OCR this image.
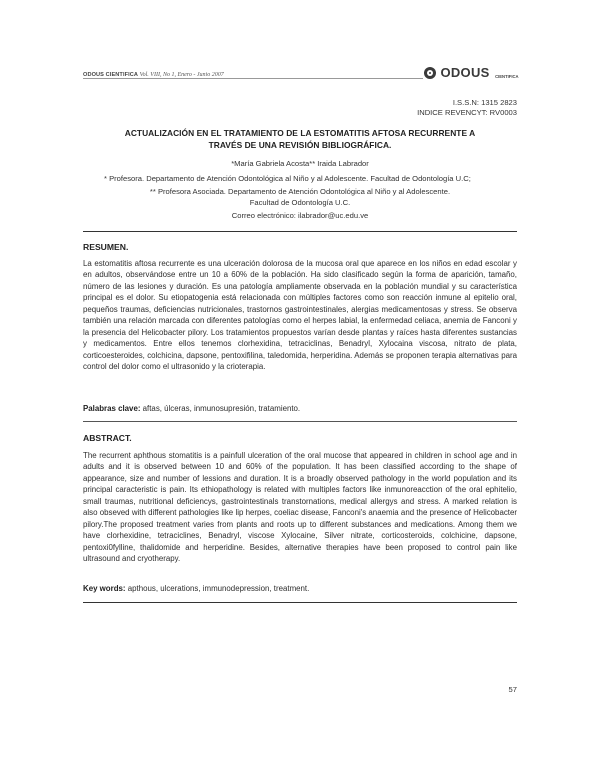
ODOUS CIENTIFICA Vol. VIII, No 1, Enero - Junio 2007	ODOUS CIENTIFICA
I.S.S.N: 1315 2823
INDICE REVENCYT: RV0003
ACTUALIZACIÓN EN EL TRATAMIENTO DE LA ESTOMATITIS AFTOSA RECURRENTE A
TRAVÉS DE UNA REVISIÓN BIBLIOGRÁFICA.
*María Gabriela Acosta** Iraida Labrador
* Profesora. Departamento de Atención Odontológica al Niño y al Adolescente. Facultad de Odontología U.C;
** Profesora Asociada. Departamento de Atención Odontológica al Niño y al Adolescente.
Facultad de Odontología U.C.
Correo electrónico: ilabrador@uc.edu.ve
RESUMEN.
La estomatitis aftosa recurrente es una ulceración dolorosa de la mucosa oral que aparece en los niños en edad escolar y en adultos, observándose entre un 10 a 60% de la población. Ha sido clasificado según la forma de aparición, tamaño, número de las lesiones y duración. Es una patología ampliamente observada en la población mundial y su característica principal es el dolor. Su etiopatogenia está relacionada con múltiples factores como son reacción inmune al epitelio oral, pequeños traumas, deficiencias nutricionales, trastornos gastrointestinales, alergias medicamentosas y stress. Se observa también una relación marcada con diferentes patologías como el herpes labial, la enfermedad celiaca, anemia de Fanconi y la presencia del Helicobacter pilory. Los tratamientos propuestos varían desde plantas y raíces hasta diferentes sustancias y medicamentos. Entre ellos tenemos clorhexidina, tetraciclinas, Benadryl, Xylocaina viscosa, nitrato de plata, corticoesteroides, colchicina, dapsone, pentoxifilina, taledomida, herperidina. Además se proponen terapia alternativas para control del dolor como el ultrasonido y la crioterapia.
Palabras clave: aftas, úlceras, inmunosupresión, tratamiento.
ABSTRACT.
The recurrent aphthous stomatitis is a painfull ulceration of the oral mucose that appeared in children in school age and in adults and it is observed between 10 and 60% of the population. It has been classified according to the shape of appearance, size and number of lessions and duration. It is a broadly observed pathology in the world population and its principal caracteristic is pain. Its ethiopathology is related with multiples factors like inmunoreacction of the oral ephitelio, small traumas, nutritional deficiencys, gastrointestinals transtornations, medical allergys and stress. A marked relation is also obseved with different pathologies like lip herpes, coeliac disease, Fanconi's anaemia and the presence of Helicobacter pilory.The proposed treatment varies from plants and roots up to different substances and medications. Among them we have clorhexidine, tetraciclines, Benadryl, viscose Xylocaine, Silver nitrate, corticosteroids, colchicine, dapsone, pentoxi0fylline, thalidomide and herperidine. Besides, alternative therapies have been proposed to control pain like ultrasound and cryotherapy.
Key words: apthous, ulcerations, immunodepression, treatment.
57
